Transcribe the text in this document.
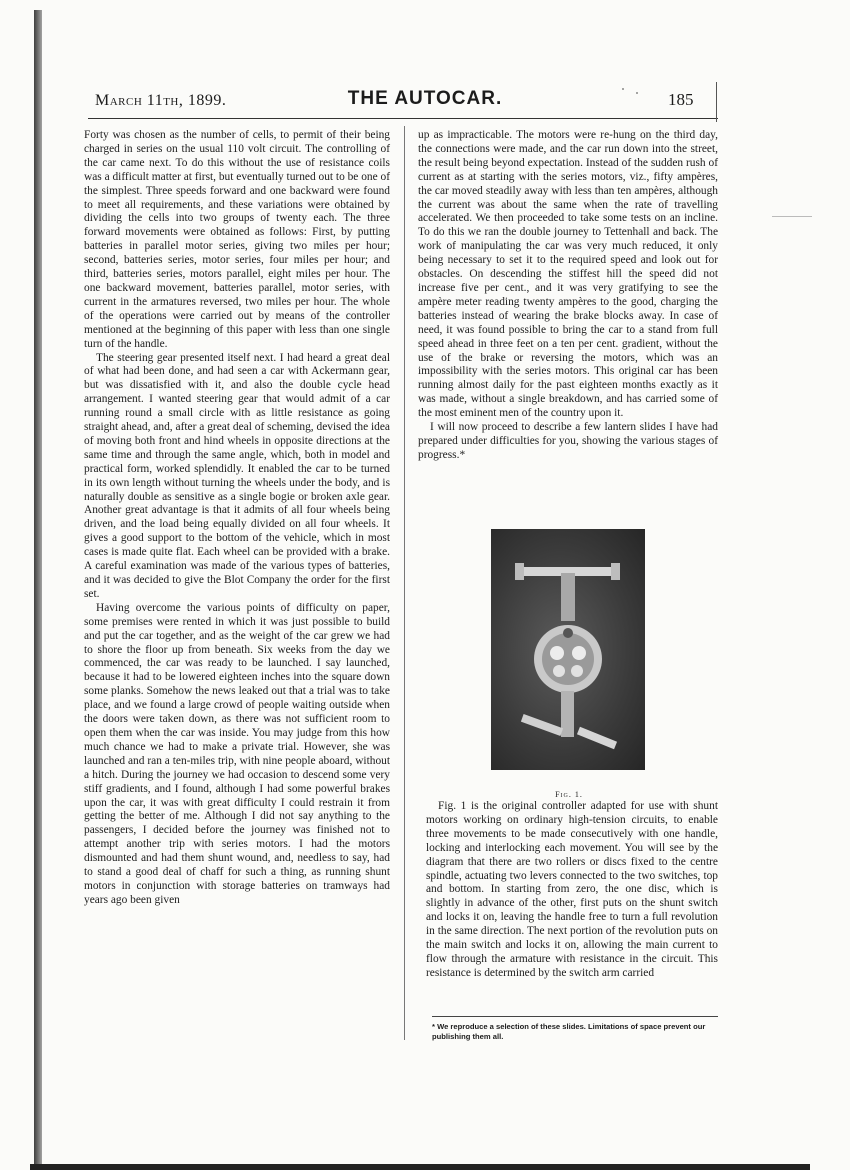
March 11th, 1899.	THE AUTOCAR.	185

Forty was chosen as the number of cells, to permit of their being charged in series on the usual 110 volt circuit. The controlling of the car came next. To do this without the use of resistance coils was a difficult matter at first, but eventually turned out to be one of the simplest. Three speeds forward and one backward were found to meet all requirements, and these variations were obtained by dividing the cells into two groups of twenty each. The three forward movements were obtained as follows: First, by putting batteries in parallel motor series, giving two miles per hour; second, batteries series, motor series, four miles per hour; and third, batteries series, motors parallel, eight miles per hour. The one backward movement, batteries parallel, motor series, with current in the armatures reversed, two miles per hour. The whole of the operations were carried out by means of the controller mentioned at the beginning of this paper with less than one single turn of the handle.

The steering gear presented itself next. I had heard a great deal of what had been done, and had seen a car with Ackermann gear, but was dissatisfied with it, and also the double cycle head arrangement. I wanted steering gear that would admit of a car running round a small circle with as little resistance as going straight ahead, and, after a great deal of scheming, devised the idea of moving both front and hind wheels in opposite directions at the same time and through the same angle, which, both in model and practical form, worked splendidly. It enabled the car to be turned in its own length without turning the wheels under the body, and is naturally double as sensitive as a single bogie or broken axle gear. Another great advantage is that it admits of all four wheels being driven, and the load being equally divided on all four wheels. It gives a good support to the bottom of the vehicle, which in most cases is made quite flat. Each wheel can be provided with a brake. A careful examination was made of the various types of batteries, and it was decided to give the Blot Company the order for the first set.

Having overcome the various points of difficulty on paper, some premises were rented in which it was just possible to build and put the car together, and as the weight of the car grew we had to shore the floor up from beneath. Six weeks from the day we commenced, the car was ready to be launched. I say launched, because it had to be lowered eighteen inches into the square down some planks. Somehow the news leaked out that a trial was to take place, and we found a large crowd of people waiting outside when the doors were taken down, as there was not sufficient room to open them when the car was inside. You may judge from this how much chance we had to make a private trial. However, she was launched and ran a ten-miles trip, with nine people aboard, without a hitch. During the journey we had occasion to descend some very stiff gradients, and I found, although I had some powerful brakes upon the car, it was with great difficulty I could restrain it from getting the better of me. Although I did not say anything to the passengers, I decided before the journey was finished not to attempt another trip with series motors. I had the motors dismounted and had them shunt wound, and, needless to say, had to stand a good deal of chaff for such a thing, as running shunt motors in conjunction with storage batteries on tramways had years ago been given

up as impracticable. The motors were re-hung on the third day, the connections were made, and the car run down into the street, the result being beyond expectation. Instead of the sudden rush of current as at starting with the series motors, viz., fifty ampères, the car moved steadily away with less than ten ampères, although the current was about the same when the rate of travelling accelerated. We then proceeded to take some tests on an incline. To do this we ran the double journey to Tettenhall and back. The work of manipulating the car was very much reduced, it only being necessary to set it to the required speed and look out for obstacles. On descending the stiffest hill the speed did not increase five per cent., and it was very gratifying to see the ampère meter reading twenty ampères to the good, charging the batteries instead of wearing the brake blocks away. In case of need, it was found possible to bring the car to a stand from full speed ahead in three feet on a ten per cent. gradient, without the use of the brake or reversing the motors, which was an impossibility with the series motors. This original car has been running almost daily for the past eighteen months exactly as it was made, without a single breakdown, and has carried some of the most eminent men of the country upon it.

I will now proceed to describe a few lantern slides I have had prepared under difficulties for you, showing the various stages of progress.*

Fig. 1.

Fig. 1 is the original controller adapted for use with shunt motors working on ordinary high-tension circuits, to enable three movements to be made consecutively with one handle, locking and interlocking each movement. You will see by the diagram that there are two rollers or discs fixed to the centre spindle, actuating two levers connected to the two switches, top and bottom. In starting from zero, the one disc, which is slightly in advance of the other, first puts on the shunt switch and locks it on, leaving the handle free to turn a full revolution in the same direction. The next portion of the revolution puts on the main switch and locks it on, allowing the main current to flow through the armature with resistance in the circuit. This resistance is determined by the switch arm carried

* We reproduce a selection of these slides. Limitations of space prevent our publishing them all.
